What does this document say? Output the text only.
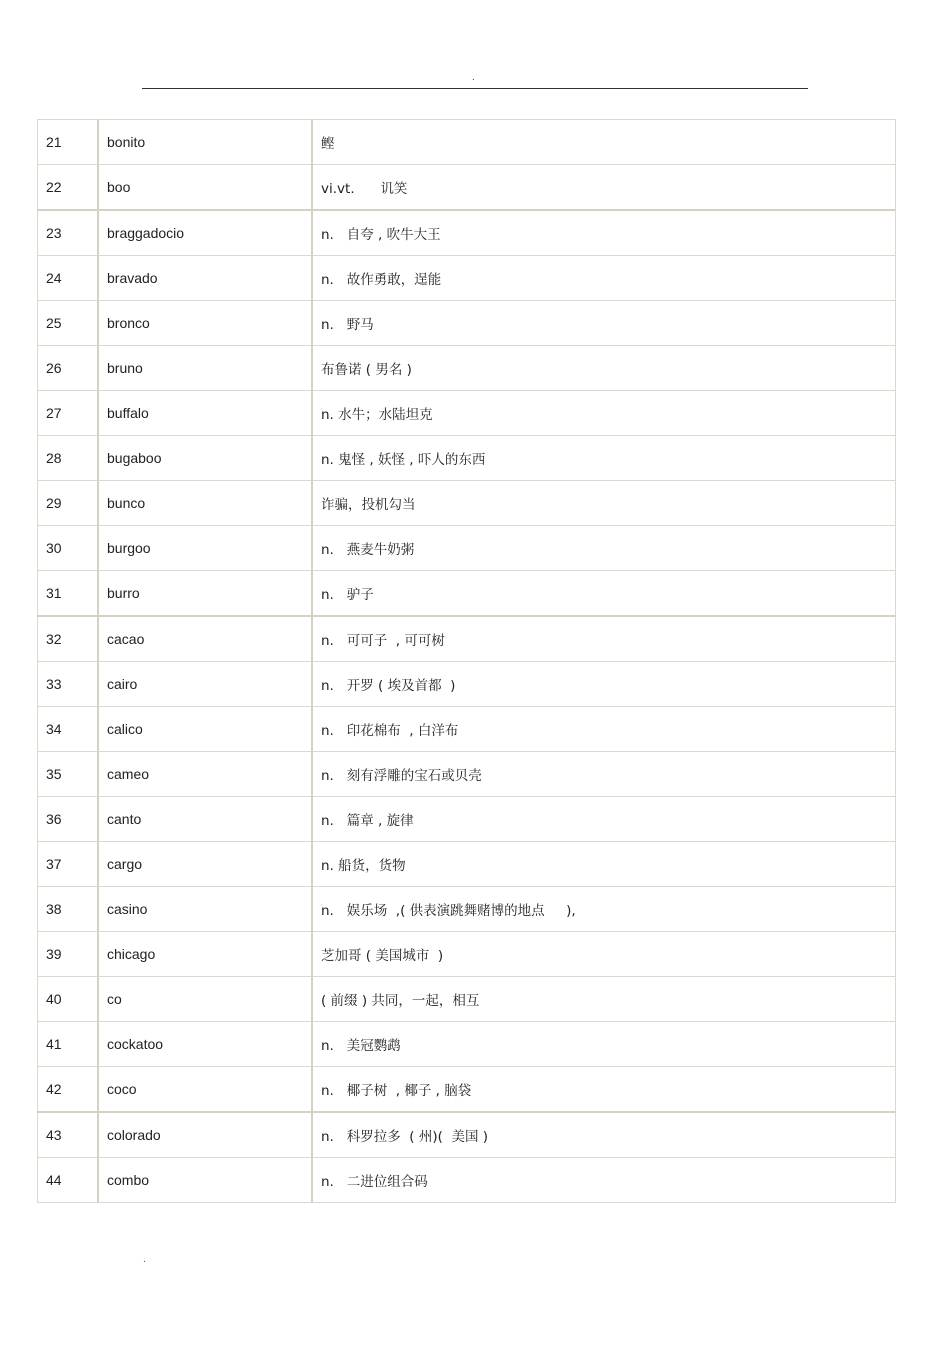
.
21	bonito	鲣
22	boo	vi.vt.      讥笑
23	braggadocio	n.   自夸 , 吹牛大王
24	bravado	n.   故作勇敢，逞能
25	bronco	n.   野马
26	bruno	布鲁诺 ( 男名 )
27	buffalo	n. 水牛；水陆坦克
28	bugaboo	n. 鬼怪 , 妖怪 , 吓人的东西
29	bunco	诈骗，投机勾当
30	burgoo	n.   燕麦牛奶粥
31	burro	n.   驴子
32	cacao	n.   可可子  , 可可树
33	cairo	n.   开罗 ( 埃及首都  )
34	calico	n.   印花棉布  , 白洋布
35	cameo	n.   刻有浮雕的宝石或贝壳
36	canto	n.   篇章 , 旋律
37	cargo	n. 船货，货物
38	casino	n.   娱乐场  ,( 供表演跳舞赌博的地点     ),
39	chicago	芝加哥 ( 美国城市  )
40	co	( 前缀 ) 共同，一起，相互
41	cockatoo	n.   美冠鹦鹉
42	coco	n.   椰子树  , 椰子 , 脑袋
43	colorado	n.   科罗拉多  ( 州)(  美国 )
44	combo	n.   二进位组合码
.
